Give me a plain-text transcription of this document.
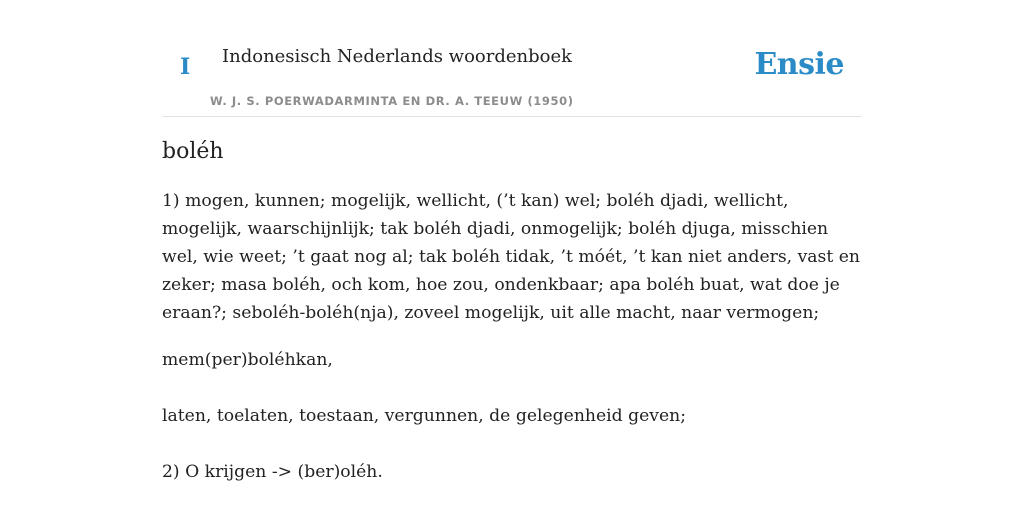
I Indonesisch Nederlands woordenboek
W. J. S. POERWADARMINTA EN DR. A. TEEUW (1950)
Ensie
boléh

1) mogen, kunnen; mogelijk, wellicht, (’t kan) wel; boléh djadi, wellicht, mogelijk, waarschijnlijk; tak boléh djadi, onmogelijk; boléh djuga, misschien wel, wie weet; ’t gaat nog al; tak boléh tidak, ’t móét, ’t kan niet anders, vast en zeker; masa boléh, och kom, hoe zou, ondenkbaar; apa boléh buat, wat doe je eraan?; seboléh-boléh(nja), zoveel mogelijk, uit alle macht, naar vermogen;

mem(per)boléhkan,

laten, toelaten, toestaan, vergunnen, de gelegenheid geven;

2) O krijgen -> (ber)oléh.
